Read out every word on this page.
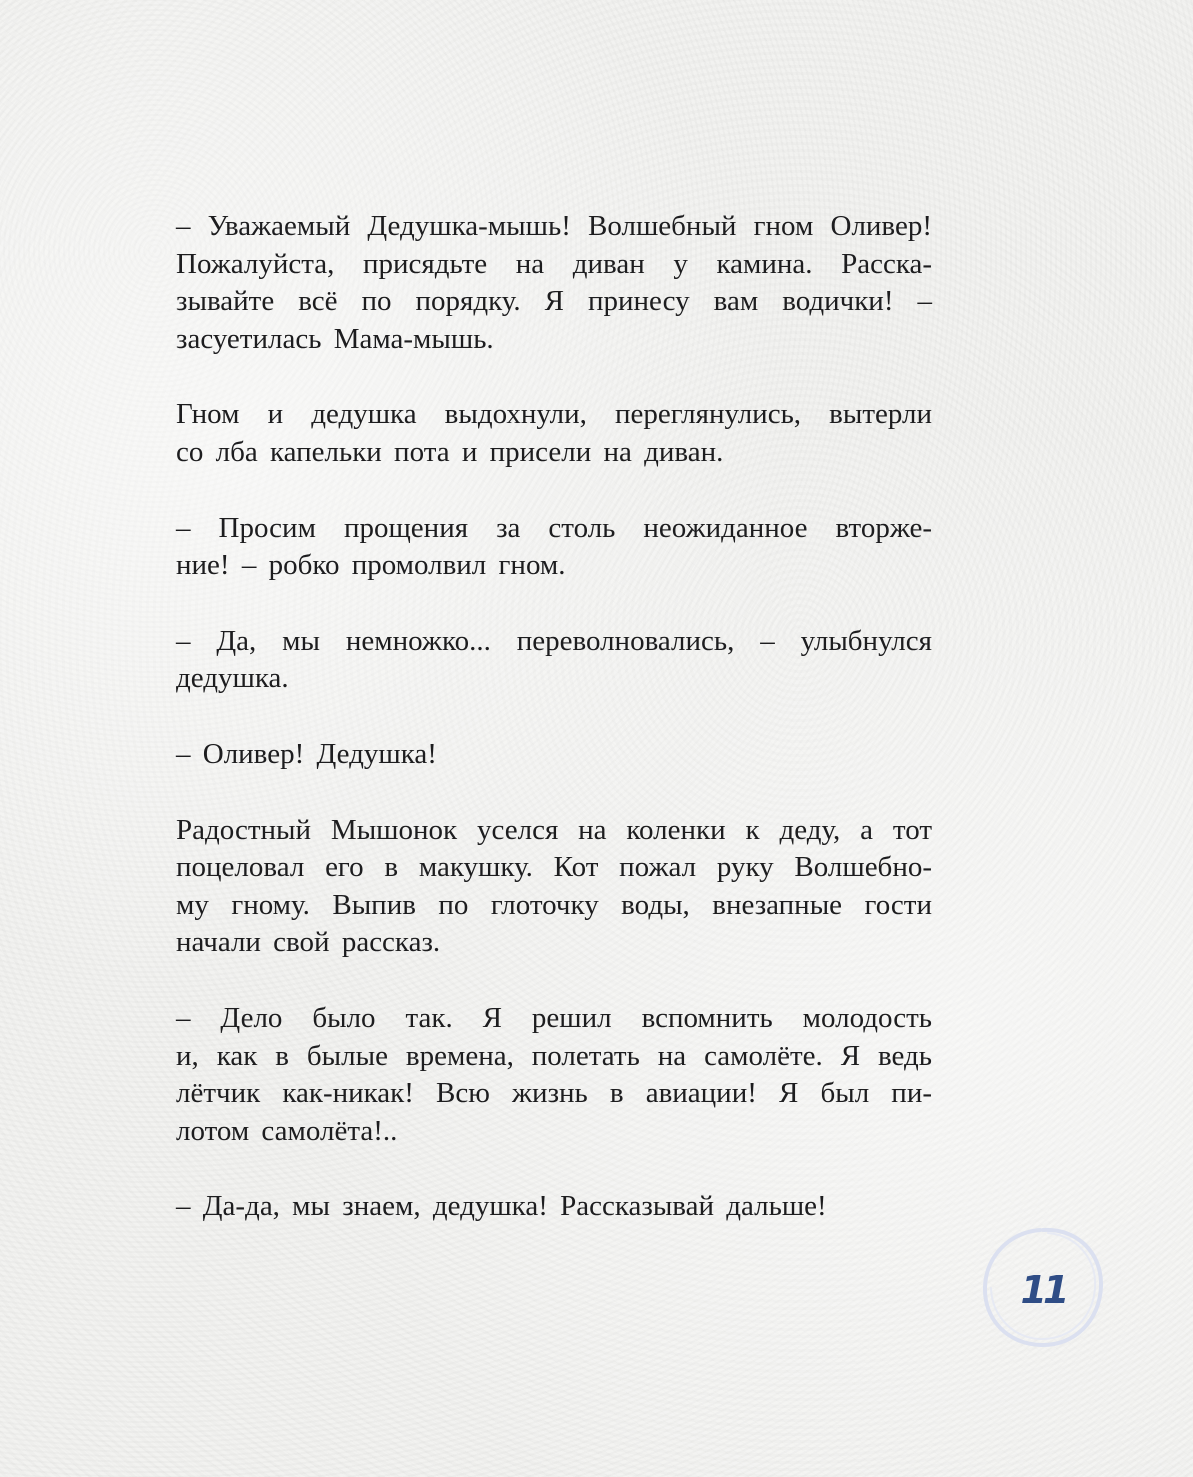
– Уважаемый Дедушка-мышь! Волшебный гном Оливер!
Пожалуйста, присядьте на диван у камина. Расска-
зывайте всё по порядку. Я принесу вам водички! –
засуетилась Мама-мышь.

Гном и дедушка выдохнули, переглянулись, вытерли
со лба капельки пота и присели на диван.

– Просим прощения за столь неожиданное вторже-
ние! – робко промолвил гном.

– Да, мы немножко... переволновались, – улыбнулся
дедушка.

– Оливер! Дедушка!

Радостный Мышонок уселся на коленки к деду, а тот
поцеловал его в макушку. Кот пожал руку Волшебно-
му гному. Выпив по глоточку воды, внезапные гости
начали свой рассказ.

– Дело было так. Я решил вспомнить молодость
и, как в былые времена, полетать на самолёте. Я ведь
лётчик как-никак! Всю жизнь в авиации! Я был пи-
лотом самолёта!..

– Да-да, мы знаем, дедушка! Рассказывай дальше!

11
